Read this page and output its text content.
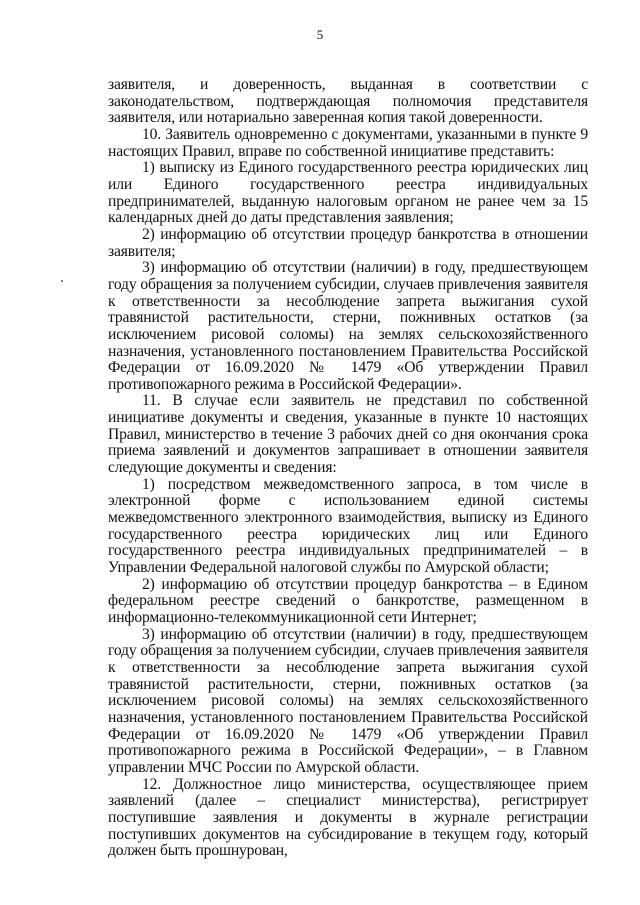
5

заявителя, и доверенность, выданная в соответствии с законодательством, подтверждающая полномочия представителя заявителя, или нотариально заверенная копия такой доверенности.

10. Заявитель одновременно с документами, указанными в пункте 9 настоящих Правил, вправе по собственной инициативе представить:

1) выписку из Единого государственного реестра юридических лиц или Единого государственного реестра индивидуальных предпринимателей, выданную налоговым органом не ранее чем за 15 календарных дней до даты представления заявления;

2) информацию об отсутствии процедур банкротства в отношении заявителя;

3) информацию об отсутствии (наличии) в году, предшествующем году обращения за получением субсидии, случаев привлечения заявителя к ответственности за несоблюдение запрета выжигания сухой травянистой растительности, стерни, пожнивных остатков (за исключением рисовой соломы) на землях сельскохозяйственного назначения, установленного постановлением Правительства Российской Федерации от 16.09.2020 № 1479 «Об утверждении Правил противопожарного режима в Российской Федерации».

11. В случае если заявитель не представил по собственной инициативе документы и сведения, указанные в пункте 10 настоящих Правил, министерство в течение 3 рабочих дней со дня окончания срока приема заявлений и документов запрашивает в отношении заявителя следующие документы и сведения:

1) посредством межведомственного запроса, в том числе в электронной форме с использованием единой системы межведомственного электронного взаимодействия, выписку из Единого государственного реестра юридических лиц или Единого государственного реестра индивидуальных предпринимателей – в Управлении Федеральной налоговой службы по Амурской области;

2) информацию об отсутствии процедур банкротства – в Едином федеральном реестре сведений о банкротстве, размещенном в информационно-телекоммуникационной сети Интернет;

3) информацию об отсутствии (наличии) в году, предшествующем году обращения за получением субсидии, случаев привлечения заявителя к ответственности за несоблюдение запрета выжигания сухой травянистой растительности, стерни, пожнивных остатков (за исключением рисовой соломы) на землях сельскохозяйственного назначения, установленного постановлением Правительства Российской Федерации от 16.09.2020 № 1479 «Об утверждении Правил противопожарного режима в Российской Федерации», – в Главном управлении МЧС России по Амурской области.

12. Должностное лицо министерства, осуществляющее прием заявлений (далее – специалист министерства), регистрирует поступившие заявления и документы в журнале регистрации поступивших документов на субсидирование в текущем году, который должен быть прошнурован,
